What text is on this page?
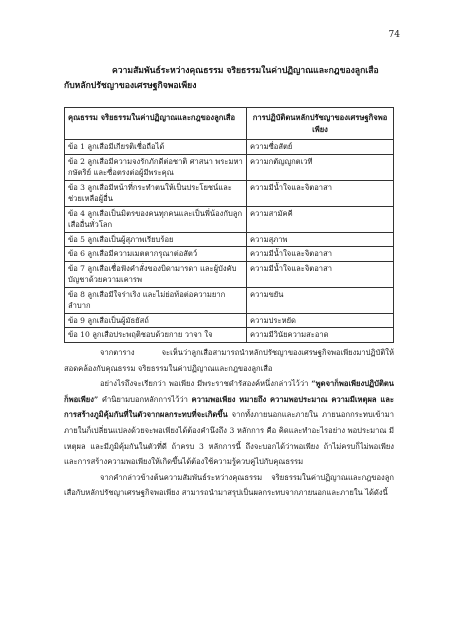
74
ความสัมพันธ์ระหว่างคุณธรรม จริยธรรมในค่าปฏิญาณและกฎของลูกเสือ
กับหลักปรัชญาของเศรษฐกิจพอเพียง
คุณธรรม จริยธรรมในค่าปฏิญาณและกฎของลูกเสือ	การปฏิบัติตนหลักปรัชญาของเศรษฐกิจพอเพียง
ข้อ 1 ลูกเสือมีเกียรติเชื่อถือได้	ความซื่อสัตย์
ข้อ 2 ลูกเสือมีความจงรักภักดีต่อชาติ ศาสนา พระมหากษัตริย์ และซื่อตรงต่อผู้มีพระคุณ	ความกตัญญูกตเวที
ข้อ 3 ลูกเสือมีหน้าที่กระทำตนให้เป็นประโยชน์และช่วยเหลือผู้อื่น	ความมีน้ำใจและจิตอาสา
ข้อ 4 ลูกเสือเป็นมิตรของคนทุกคนและเป็นพี่น้องกับลูกเสืออื่นทั่วโลก	ความสามัคคี
ข้อ 5 ลูกเสือเป็นผู้สุภาพเรียบร้อย	ความสุภาพ
ข้อ 6 ลูกเสือมีความเมตตากรุณาต่อสัตว์	ความมีน้ำใจและจิตอาสา
ข้อ 7 ลูกเสือเชื่อฟังคำสั่งของบิดามารดา และผู้บังคับบัญชาด้วยความเคารพ	ความมีน้ำใจและจิตอาสา
ข้อ 8 ลูกเสือมีใจร่าเริง และไม่ย่อท้อต่อความยากลำบาก	ความขยัน
ข้อ 9 ลูกเสือเป็นผู้มัธยัสถ์	ความประหยัด
ข้อ 10 ลูกเสือประพฤติชอบด้วยกาย วาจา ใจ	ความมีวินัยความสะอาด

จากตาราง จะเห็นว่าลูกเสือสามารถนำหลักปรัชญาของเศรษฐกิจพอเพียงมาปฏิบัติให้สอดคล้องกับคุณธรรม จริยธรรมในค่าปฏิญาณและกฎของลูกเสือ

อย่างไรถึงจะเรียกว่า พอเพียง มีพระราชดำรัสองค์หนึ่งกล่าวไว้ว่า “พูดจาก็พอเพียงปฏิบัติตนก็พอเพียง” คำนิยามบอกหลักการไว้ว่า ความพอเพียง หมายถึง ความพอประมาณ ความมีเหตุผล และการสร้างภูมิคุ้มกันที่ในตัวจากผลกระทบที่จะเกิดขึ้น จากทั้งภายนอกและภายใน ภายนอกกระทบเข้ามาภายในก็เปลี่ยนแปลงด้วยจะพอเพียงได้ต้องคำนึงถึง 3 หลักการ คือ คิดและทำอะไรอย่าง พอประมาณ มีเหตุผล และมีภูมิคุ้มกันในตัวที่ดี ถ้าครบ 3 หลักการนี้ ถึงจะบอกได้ว่าพอเพียง ถ้าไม่ครบก็ไม่พอเพียงและการสร้างความพอเพียงให้เกิดขึ้นได้ต้องใช้ความรู้ควบคู่ไปกับคุณธรรม

จากคำกล่าวข้างต้นความสัมพันธ์ระหว่างคุณธรรม จริยธรรมในค่าปฏิญาณและกฎของลูกเสือกับหลักปรัชญาเศรษฐกิจพอเพียง สามารถนำมาสรุปเป็นผลกระทบจากภายนอกและภายใน ได้ดังนี้
